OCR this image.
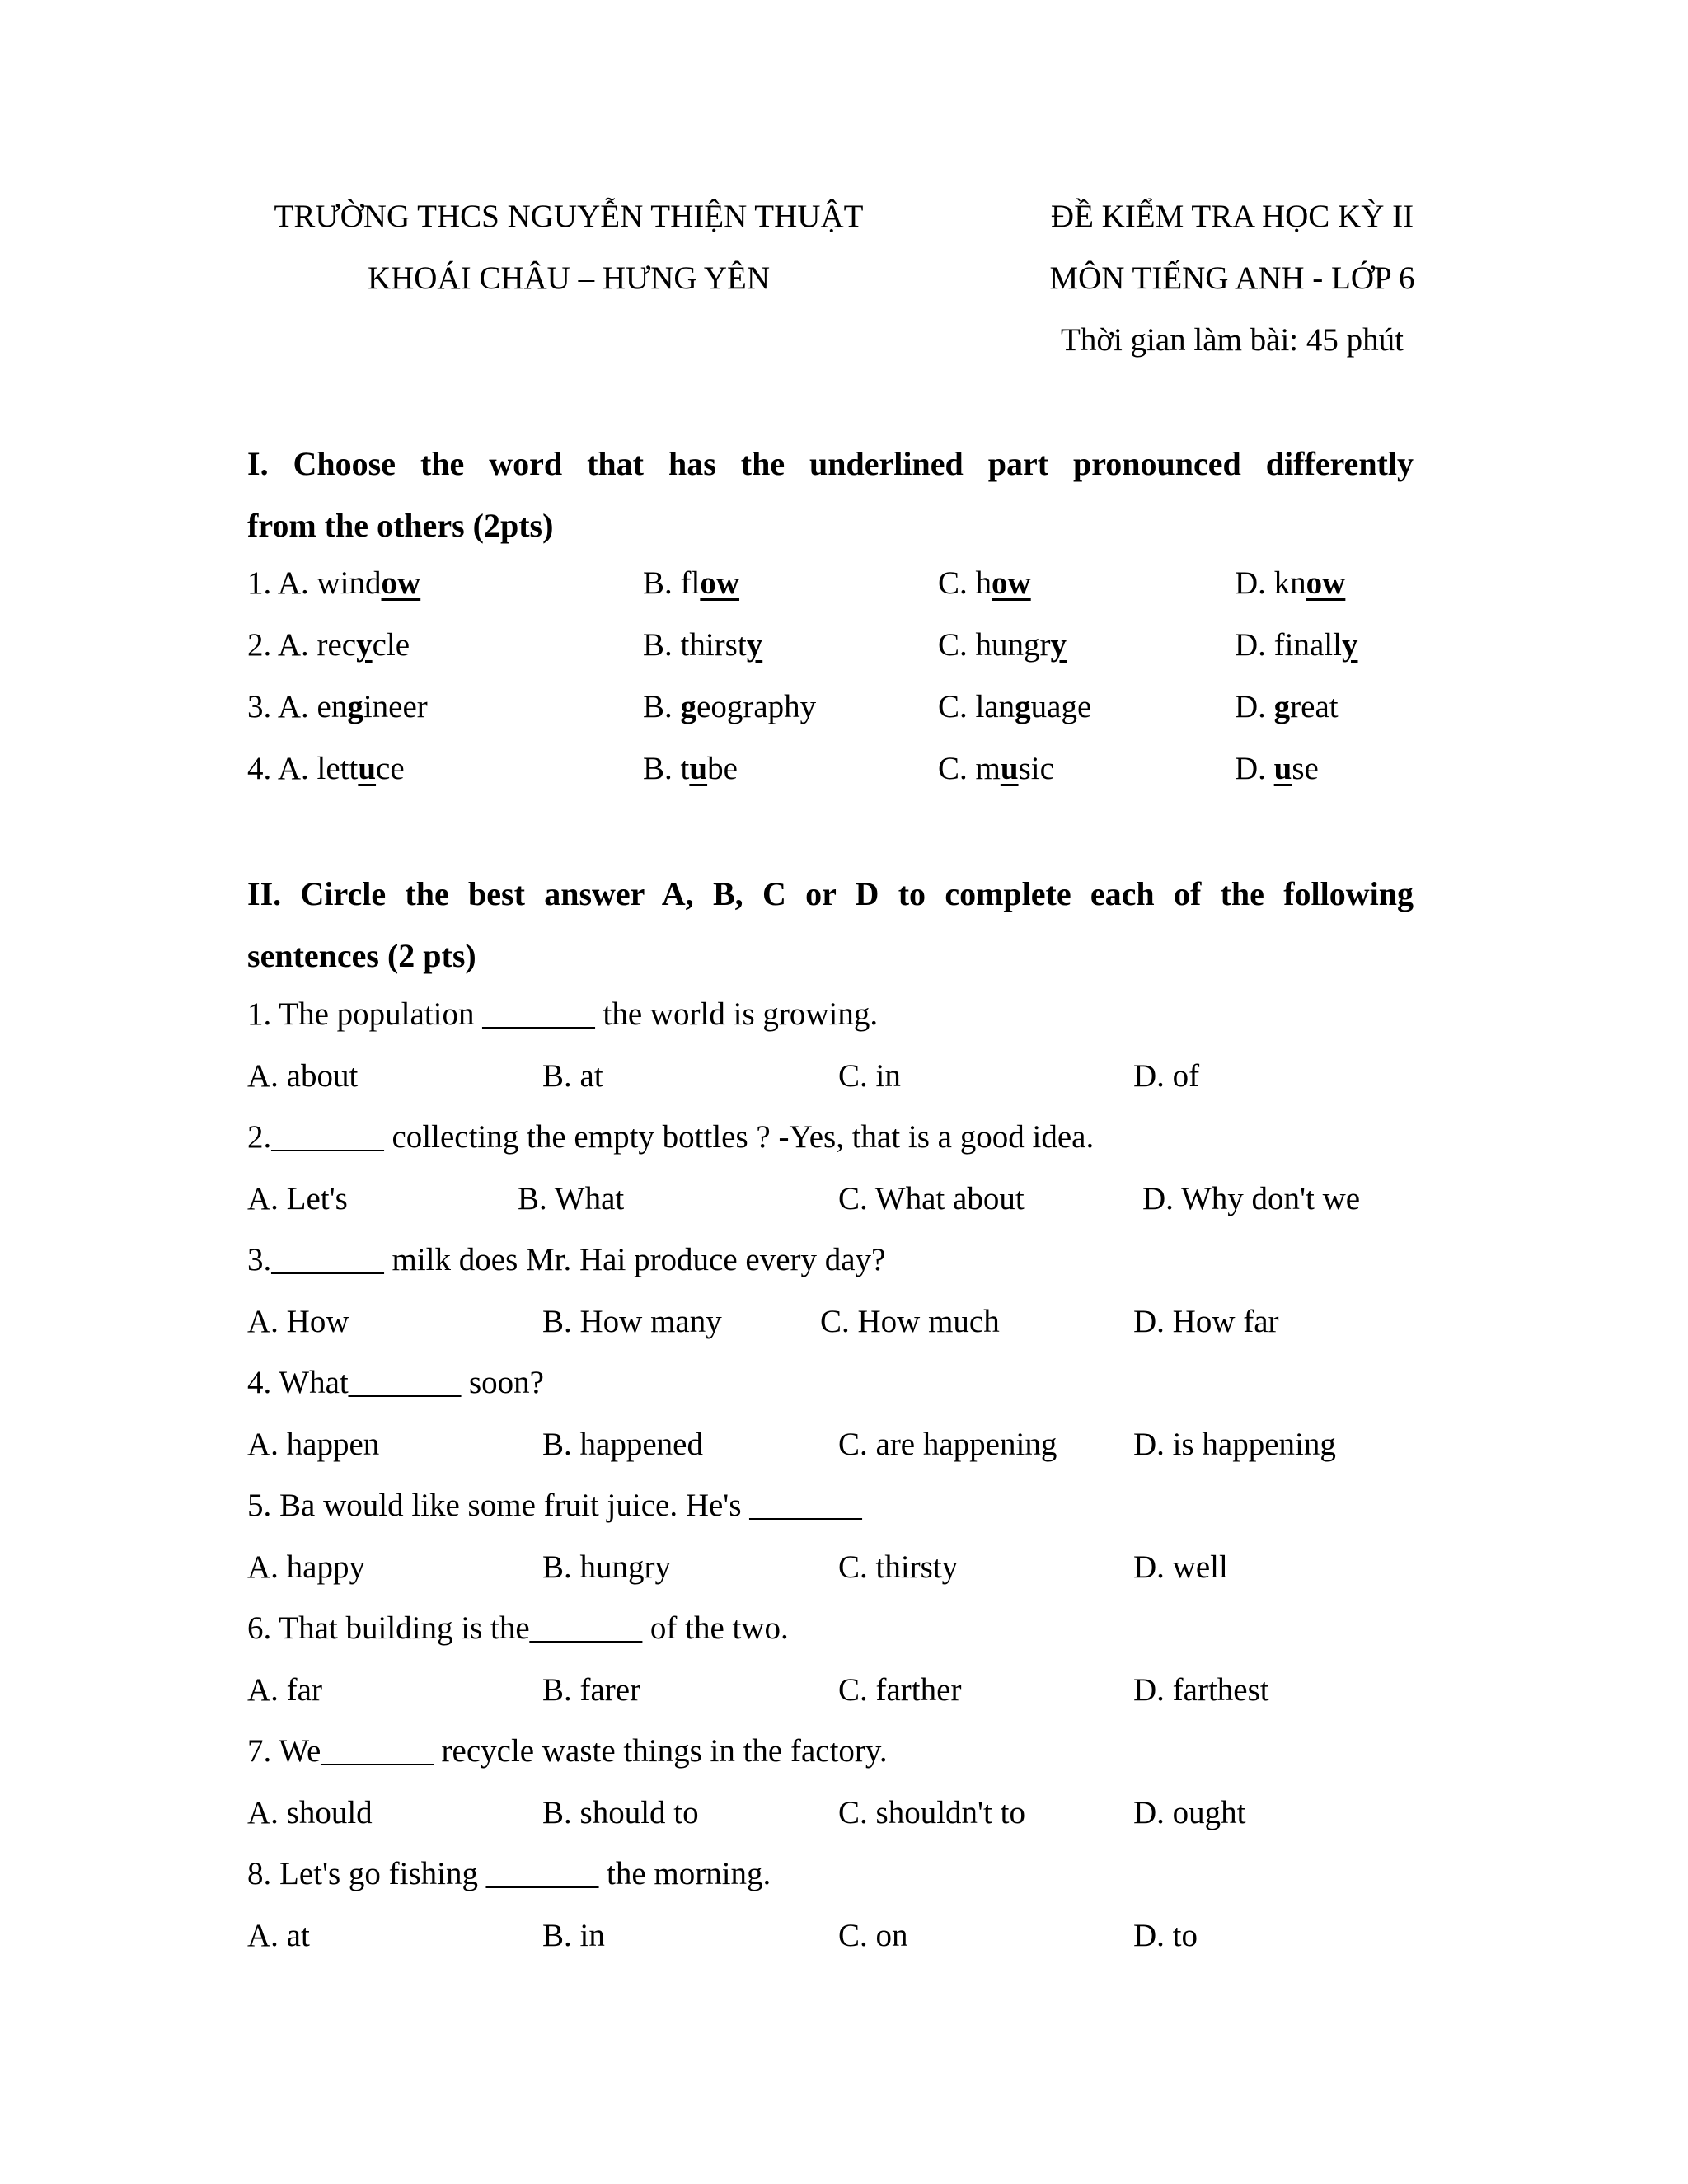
TRƯỜNG THCS NGUYỄN THIỆN THUẬT
KHOÁI CHÂU – HƯNG YÊN
ĐỀ KIỂM TRA HỌC KỲ II
MÔN TIẾNG ANH - LỚP 6
Thời gian làm bài: 45 phút
I. Choose the word that has the underlined part pronounced differently
from the others (2pts)
1. A. window	B. flow	C. how	D. know
2. A. recycle	B. thirsty	C. hungry	D. finally
3. A. engineer	B. geography	C. language	D. great
4. A. lettuce	B. tube	C. music	D. use
II. Circle the best answer A, B, C or D to complete each of the following
sentences (2 pts)
1. The population _______ the world is growing.
A. about	B. at	C. in	D. of
2._______ collecting the empty bottles ? -Yes, that is a good idea.
A. Let's	B. What	C. What about	D. Why don't we
3._______ milk does Mr. Hai produce every day?
A. How	B. How many	C. How much	D. How far
4. What_______ soon?
A. happen	B. happened	C. are happening D. is happening
5. Ba would like some fruit juice. He's _______
A. happy	B. hungry	C. thirsty	D. well
6. That building is the_______ of the two.
A. far	B. farer	C. farther	D. farthest
7. We_______ recycle waste things in the factory.
A. should	B. should to	C. shouldn't to	D. ought
8. Let's go fishing _______ the morning.
A. at	B. in	C. on	D. to
